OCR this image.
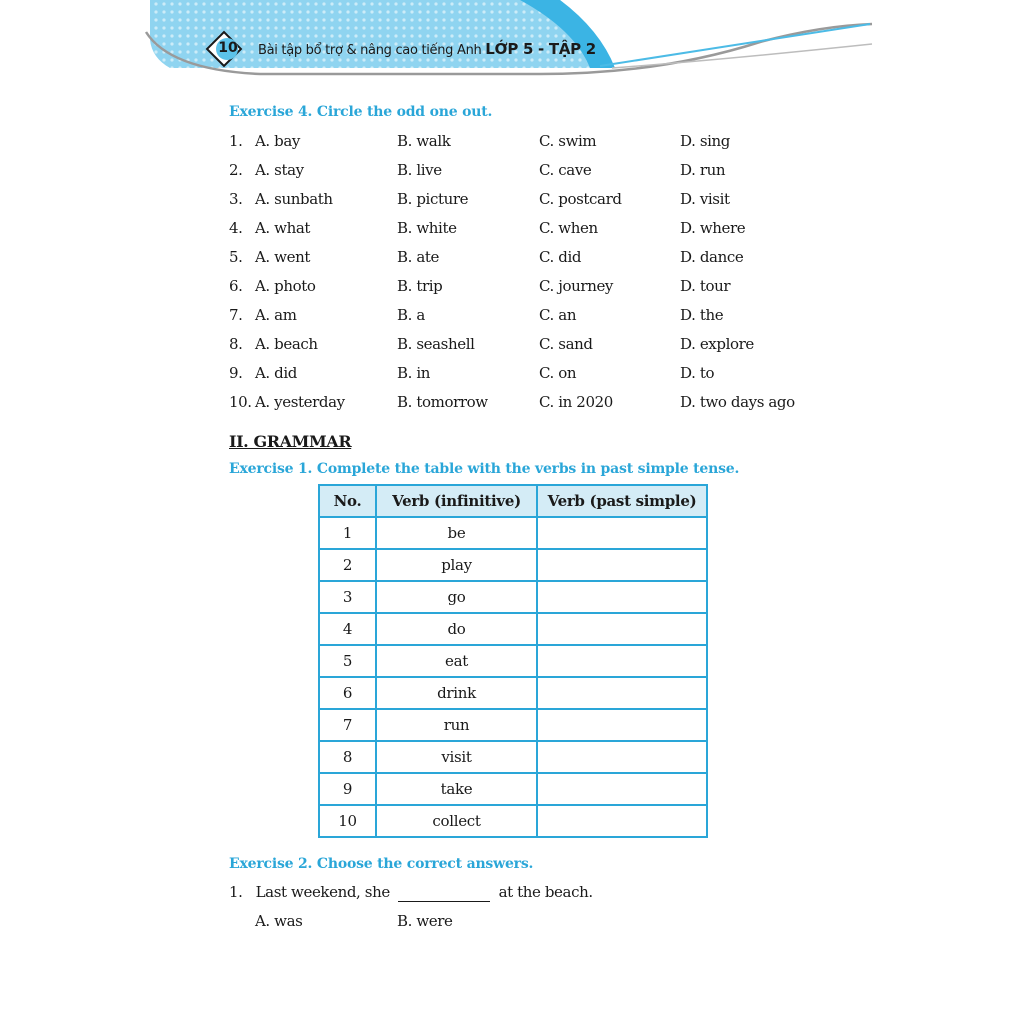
10 Bài tập bổ trợ & nâng cao tiếng Anh LỚP 5 - TẬP 2
Exercise 4. Circle the odd one out.
1. A. bay	B. walk	C. swim	D. sing
2. A. stay	B. live	C. cave	D. run
3. A. sunbath	B. picture	C. postcard	D. visit
4. A. what	B. white	C. when	D. where
5. A. went	B. ate	C. did	D. dance
6. A. photo	B. trip	C. journey	D. tour
7. A. am	B. a	C. an	D. the
8. A. beach	B. seashell	C. sand	D. explore
9. A. did	B. in	C. on	D. to
10. A. yesterday	B. tomorrow	C. in 2020	D. two days ago
II. GRAMMAR
Exercise 1. Complete the table with the verbs in past simple tense.
No.	Verb (infinitive)	Verb (past simple)
1	be	
2	play	
3	go	
4	do	
5	eat	
6	drink	
7	run	
8	visit	
9	take	
10	collect	
Exercise 2. Choose the correct answers.
1. Last weekend, she	at the beach.
A. was	B. were
